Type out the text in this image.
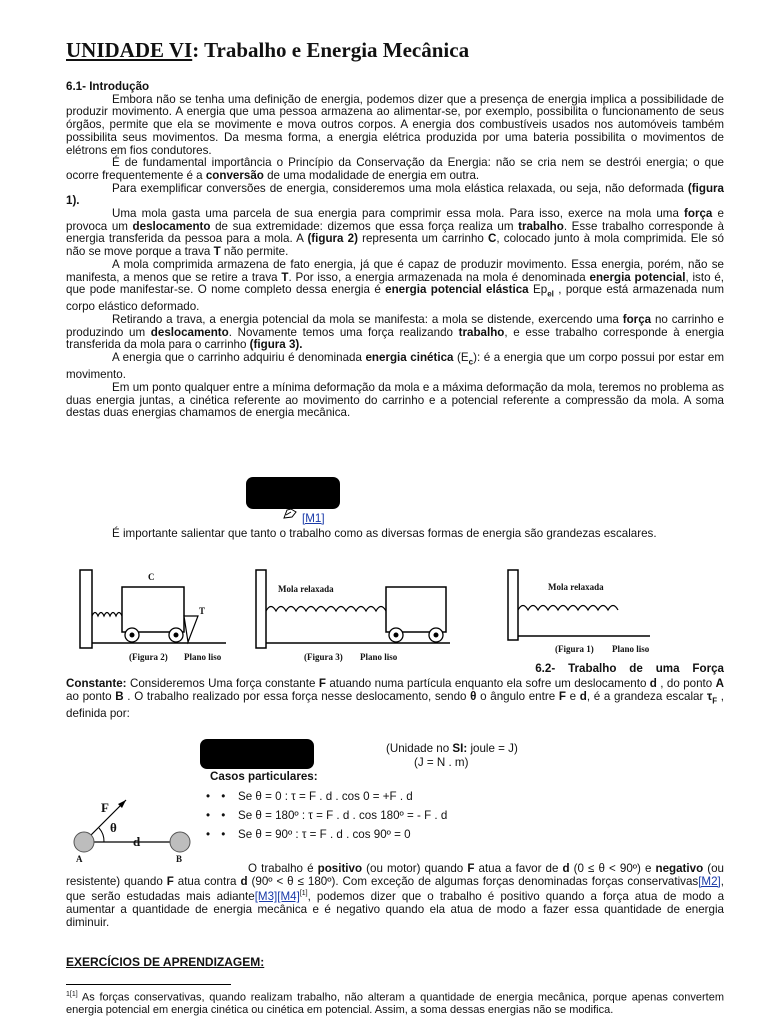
UNIDADE VI: Trabalho e Energia Mecânica

6.1- Introdução

Embora não se tenha uma definição de energia, podemos dizer que a presença de energia implica a possibilidade de produzir movimento. A energia que uma pessoa armazena ao alimentar-se, por exemplo, possibilita o funcionamento de seus órgãos, permite que ela se movimente e mova outros corpos. A energia dos combustíveis usados nos automóveis também possibilita seus movimentos. Da mesma forma, a energia elétrica produzida por uma bateria possibilita o movimentos de elétrons em fios condutores.

É de fundamental importância o Princípio da Conservação da Energia: não se cria nem se destrói energia; o que ocorre frequentemente é a conversão de uma modalidade de energia em outra.

Para exemplificar conversões de energia, consideremos uma mola elástica relaxada, ou seja, não deformada (figura 1).

Uma mola gasta uma parcela de sua energia para comprimir essa mola. Para isso, exerce na mola uma força e provoca um deslocamento de sua extremidade: dizemos que essa força realiza um trabalho. Esse trabalho corresponde à energia transferida da pessoa para a mola. A (figura 2) representa um carrinho C, colocado junto à mola comprimida. Ele só não se move porque a trava T não permite.

A mola comprimida armazena de fato energia, já que é capaz de produzir movimento. Essa energia, porém, não se manifesta, a menos que se retire a trava T. Por isso, a energia armazenada na mola é denominada energia potencial, isto é, que pode manifestar-se. O nome completo dessa energia é energia potencial elástica $Ep_{el}$ , porque está armazenada num corpo elástico deformado.

Retirando a trava, a energia potencial da mola se manifesta: a mola se distende, exercendo uma força no carrinho e produzindo um deslocamento. Novamente temos uma força realizando trabalho, e esse trabalho corresponde à energia transferida da mola para o carrinho (figura 3).

A energia que o carrinho adquiriu é denominada energia cinética $(E_c)$: é a energia que um corpo possui por estar em movimento.

Em um ponto qualquer entre a mínima deformação da mola e a máxima deformação da mola, teremos no problema as duas energia juntas, a cinética referente ao movimento do carrinho e a potencial referente a compressão da mola. A soma destas duas energias chamamos de energia mecânica.

[M1]
É importante salientar que tanto o trabalho como as diversas formas de energia são grandezas escalares.
C
T
(Figura 2) Plano liso
Mola relaxada
(Figura 3) Plano liso
Mola relaxada
(Figura 1) Plano liso
6.2-    Trabalho    de    uma    Força

Constante: Consideremos Uma força constante F atuando numa partícula enquanto ela sofre um deslocamento d , do ponto A ao ponto B . O trabalho realizado por essa força nesse deslocamento, sendo θ o ângulo entre F e d, é a grandeza escalar $\tau_F$ , definida por:

(Unidade no SI: joule = J)
(J = N . m)
Casos particulares:
• • Se θ = 0 : τ = F . d . cos 0 = +F . d
• • Se θ = 180º : τ = F . d . cos 180º = - F . d
• • Se θ = 90º : τ = F . d . cos 90º = 0
F
θ
d
A	B

O trabalho é positivo (ou motor) quando F atua a favor de d (0 ≤ θ < 90º) e negativo (ou resistente) quando F atua contra d (90º < θ ≤ 180º). Com exceção de algumas forças denominadas forças conservativas[M2], que serão estudadas mais adiante[M3][M4][1], podemos dizer que o trabalho é positivo quando a força atua de modo a aumentar a quantidade de energia mecânica e é negativo quando ela atua de modo a fazer essa quantidade de energia diminuir.

EXERCÍCIOS DE APRENDIZAGEM:
$^{1[1]}$ As forças conservativas, quando realizam trabalho, não alteram a quantidade de energia mecânica, porque apenas convertem energia potencial em energia cinética ou cinética em potencial. Assim, a soma dessas energias não se modifica.
